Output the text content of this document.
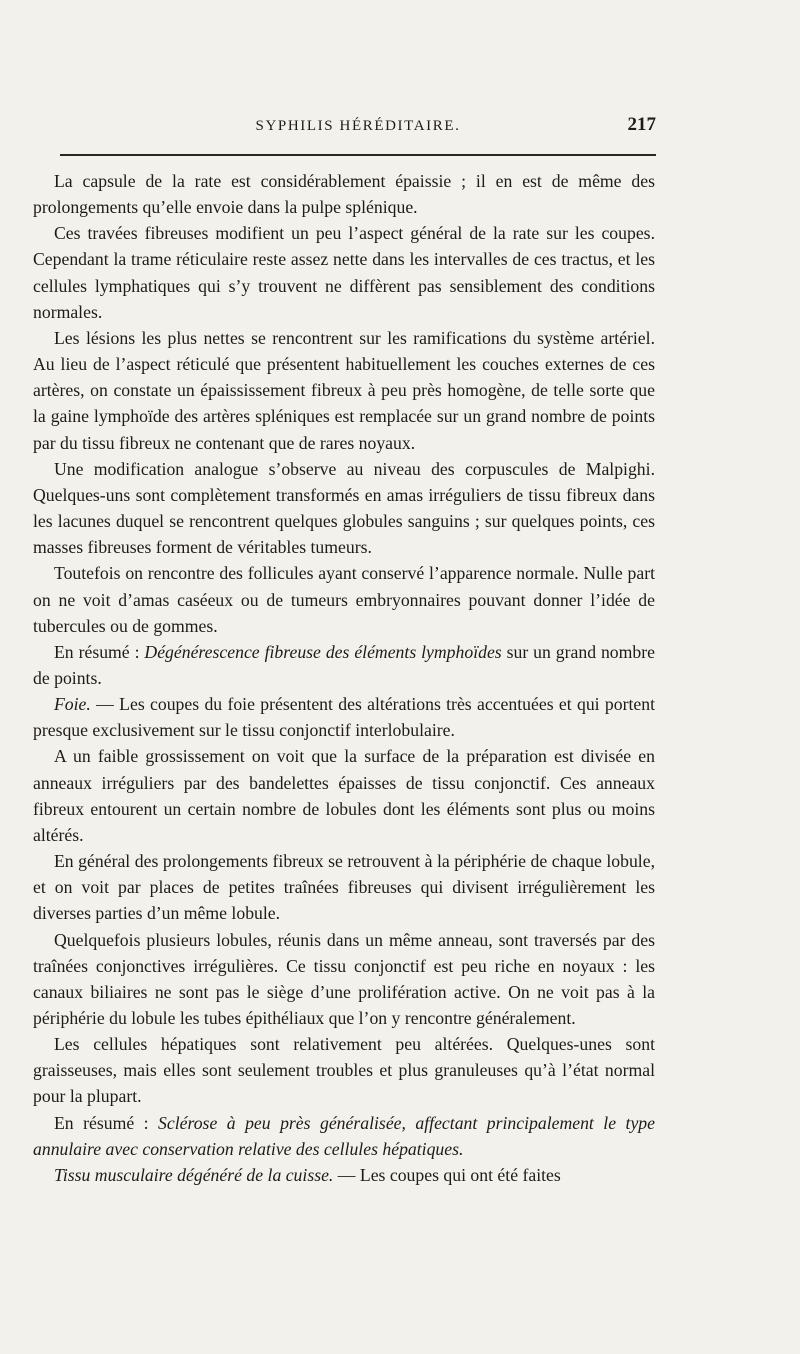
SYPHILIS HÉRÉDITAIRE.	217

La capsule de la rate est considérablement épaissie ; il en est de même des prolongements qu’elle envoie dans la pulpe splénique.

Ces travées fibreuses modifient un peu l’aspect général de la rate sur les coupes. Cependant la trame réticulaire reste assez nette dans les intervalles de ces tractus, et les cellules lymphatiques qui s’y trouvent ne diffèrent pas sensiblement des conditions normales.

Les lésions les plus nettes se rencontrent sur les ramifications du système artériel. Au lieu de l’aspect réticulé que présentent habituellement les couches externes de ces artères, on constate un épaississement fibreux à peu près homogène, de telle sorte que la gaine lymphoïde des artères spléniques est remplacée sur un grand nombre de points par du tissu fibreux ne contenant que de rares noyaux.

Une modification analogue s’observe au niveau des corpuscules de Malpighi. Quelques-uns sont complètement transformés en amas irréguliers de tissu fibreux dans les lacunes duquel se rencontrent quelques globules sanguins ; sur quelques points, ces masses fibreuses forment de véritables tumeurs.

Toutefois on rencontre des follicules ayant conservé l’apparence normale. Nulle part on ne voit d’amas caséeux ou de tumeurs embryonnaires pouvant donner l’idée de tubercules ou de gommes.

En résumé : Dégénérescence fibreuse des éléments lymphoïdes sur un grand nombre de points.

Foie. — Les coupes du foie présentent des altérations très accentuées et qui portent presque exclusivement sur le tissu conjonctif interlobulaire.

A un faible grossissement on voit que la surface de la préparation est divisée en anneaux irréguliers par des bandelettes épaisses de tissu conjonctif. Ces anneaux fibreux entourent un certain nombre de lobules dont les éléments sont plus ou moins altérés.

En général des prolongements fibreux se retrouvent à la périphérie de chaque lobule, et on voit par places de petites traînées fibreuses qui divisent irrégulièrement les diverses parties d’un même lobule.

Quelquefois plusieurs lobules, réunis dans un même anneau, sont traversés par des traînées conjonctives irrégulières. Ce tissu conjonctif est peu riche en noyaux : les canaux biliaires ne sont pas le siège d’une prolifération active. On ne voit pas à la périphérie du lobule les tubes épithéliaux que l’on y rencontre généralement.

Les cellules hépatiques sont relativement peu altérées. Quelques-unes sont graisseuses, mais elles sont seulement troubles et plus granuleuses qu’à l’état normal pour la plupart.

En résumé : Sclérose à peu près généralisée, affectant principalement le type annulaire avec conservation relative des cellules hépatiques.

Tissu musculaire dégénéré de la cuisse. — Les coupes qui ont été faites
